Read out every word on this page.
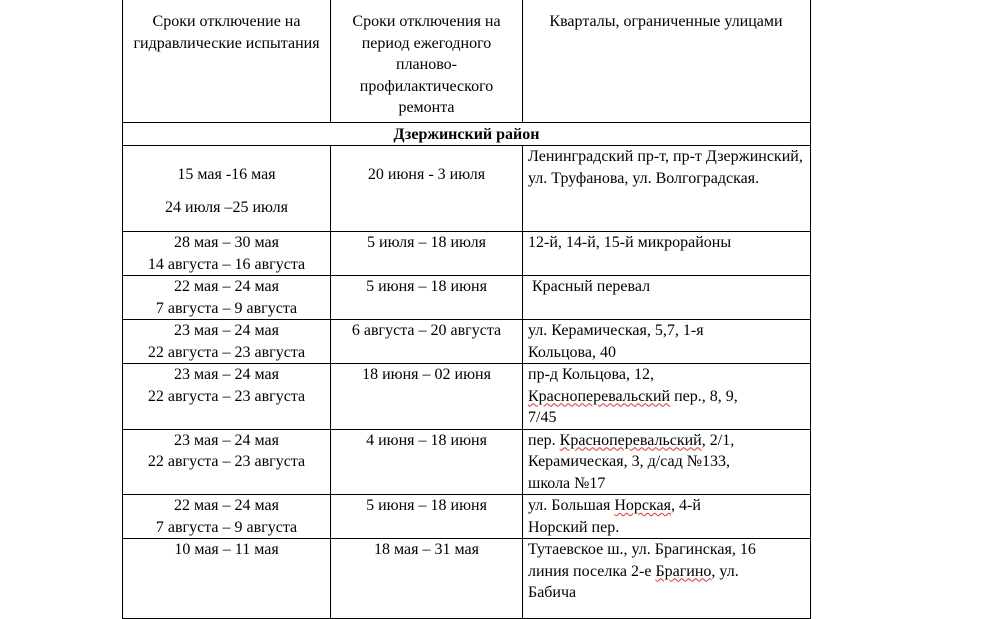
Сроки отключение на гидравлические испытания	Сроки отключения на период ежегодного планово-профилактического ремонта	Кварталы, ограниченные улицами
Дзержинский район		

15 мая -16 мая
24 июля –25 июля	20 июня - 3 июля	Ленинградский пр-т, пр-т Дзержинский, ул. Труфанова, ул. Волгоградская.

28 мая – 30 мая
14 августа – 16 августа	5 июля – 18 июля	12-й, 14-й, 15-й микрорайоны

22 мая – 24 мая
7 августа – 9 августа	5 июня – 18 июня	Красный перевал

23 мая – 24 мая
22 августа – 23 августа	6 августа – 20 августа	ул. Керамическая, 5,7, 1-я
Кольцова, 40

23 мая – 24 мая
22 августа – 23 августа	18 июня – 02 июня	пр-д Кольцова, 12,
Красноперевальский пер., 8, 9,
7/45

23 мая – 24 мая
22 августа – 23 августа	4 июня – 18 июня	пер. Красноперевальский, 2/1,
Керамическая, 3, д/сад №133,
школа №17

22 мая – 24 мая
7 августа – 9 августа	5 июня – 18 июня	ул. Большая Норская, 4-й
Норский пер.

10 мая – 11 мая	18 мая – 31 мая	Тутаевское ш., ул. Брагинская, 16
линия поселка 2-е Брагино, ул.
Бабича
